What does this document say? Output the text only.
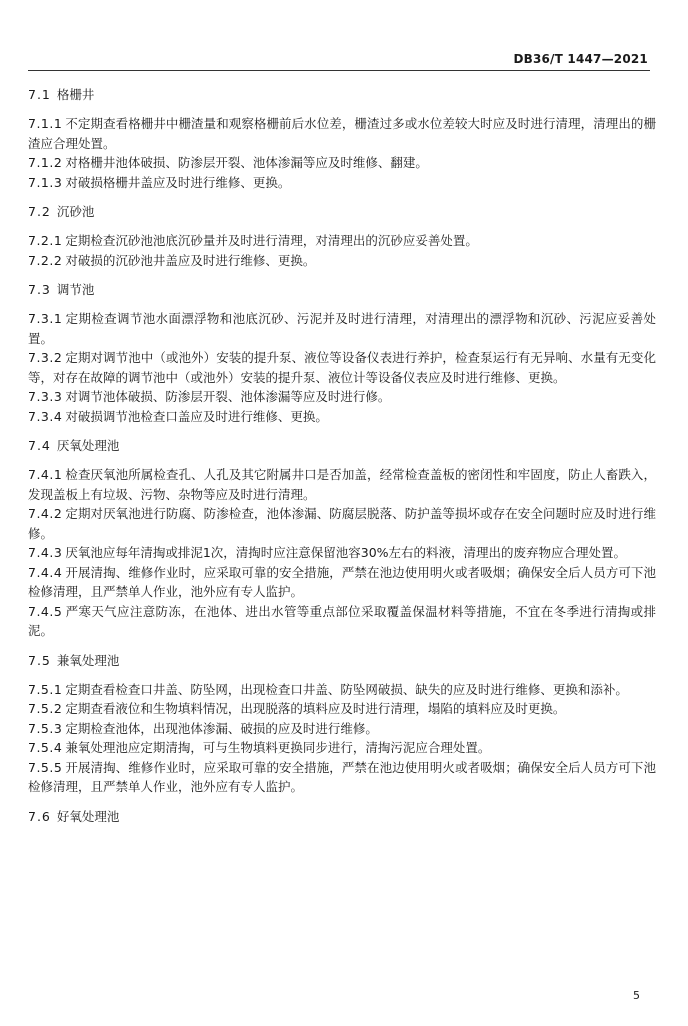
DB36/T 1447—2021

7.1 格栅井

7.1.1 不定期查看格栅井中栅渣量和观察格栅前后水位差，栅渣过多或水位差较大时应及时进行清理，清理出的栅渣应合理处置。

7.1.2 对格栅井池体破损、防渗层开裂、池体渗漏等应及时维修、翻建。

7.1.3 对破损格栅井盖应及时进行维修、更换。

7.2 沉砂池

7.2.1 定期检查沉砂池池底沉砂量并及时进行清理，对清理出的沉砂应妥善处置。

7.2.2 对破损的沉砂池井盖应及时进行维修、更换。

7.3 调节池

7.3.1 定期检查调节池水面漂浮物和池底沉砂、污泥并及时进行清理，对清理出的漂浮物和沉砂、污泥应妥善处置。

7.3.2 定期对调节池中（或池外）安装的提升泵、液位等设备仪表进行养护，检查泵运行有无异响、水量有无变化等，对存在故障的调节池中（或池外）安装的提升泵、液位计等设备仪表应及时进行维修、更换。

7.3.3 对调节池体破损、防渗层开裂、池体渗漏等应及时进行修。

7.3.4 对破损调节池检查口盖应及时进行维修、更换。

7.4 厌氧处理池

7.4.1 检查厌氧池所属检查孔、人孔及其它附属井口是否加盖，经常检查盖板的密闭性和牢固度，防止人畜跌入，发现盖板上有垃圾、污物、杂物等应及时进行清理。

7.4.2 定期对厌氧池进行防腐、防渗检查，池体渗漏、防腐层脱落、防护盖等损坏或存在安全问题时应及时进行维修。

7.4.3 厌氧池应每年清掏或排泥1次，清掏时应注意保留池容30%左右的料液，清理出的废弃物应合理处置。

7.4.4 开展清掏、维修作业时，应采取可靠的安全措施，严禁在池边使用明火或者吸烟；确保安全后人员方可下池检修清理，且严禁单人作业，池外应有专人监护。

7.4.5 严寒天气应注意防冻，在池体、进出水管等重点部位采取覆盖保温材料等措施，不宜在冬季进行清掏或排泥。

7.5 兼氧处理池

7.5.1 定期查看检查口井盖、防坠网，出现检查口井盖、防坠网破损、缺失的应及时进行维修、更换和添补。

7.5.2 定期查看液位和生物填料情况，出现脱落的填料应及时进行清理，塌陷的填料应及时更换。

7.5.3 定期检查池体，出现池体渗漏、破损的应及时进行维修。

7.5.4 兼氧处理池应定期清掏，可与生物填料更换同步进行，清掏污泥应合理处置。

7.5.5 开展清掏、维修作业时，应采取可靠的安全措施，严禁在池边使用明火或者吸烟；确保安全后人员方可下池检修清理，且严禁单人作业，池外应有专人监护。

7.6 好氧处理池

5
